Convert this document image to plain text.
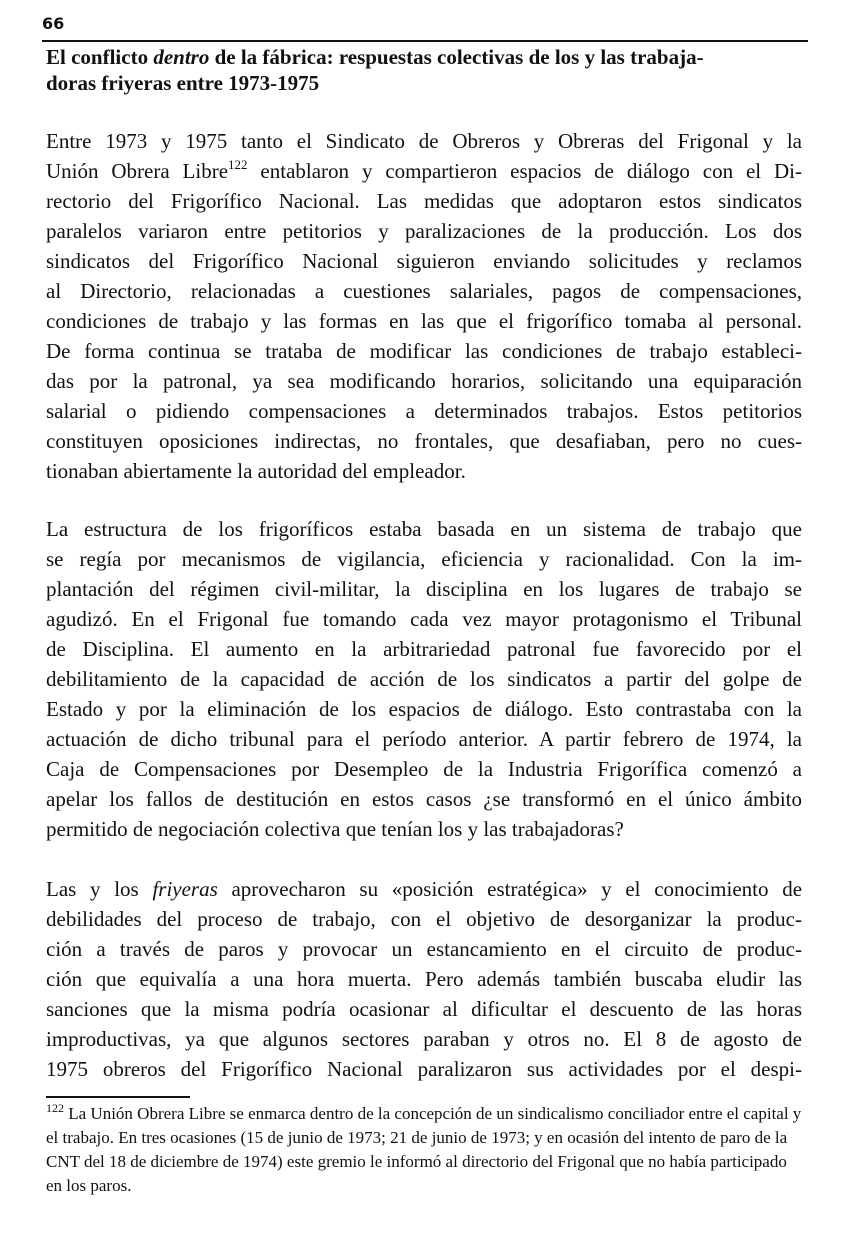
66
El conflicto dentro de la fábrica: respuestas colectivas de los y las trabaja-
doras friyeras entre 1973-1975

Entre 1973 y 1975 tanto el Sindicato de Obreros y Obreras del Frigonal y la
Unión Obrera Libre$^{122}$ entablaron y compartieron espacios de diálogo con el Di-
rectorio del Frigorífico Nacional. Las medidas que adoptaron estos sindicatos
paralelos variaron entre petitorios y paralizaciones de la producción. Los dos
sindicatos del Frigorífico Nacional siguieron enviando solicitudes y reclamos
al Directorio, relacionadas a cuestiones salariales, pagos de compensaciones,
condiciones de trabajo y las formas en las que el frigorífico tomaba al personal.
De forma continua se trataba de modificar las condiciones de trabajo estableci-
das por la patronal, ya sea modificando horarios, solicitando una equiparación
salarial o pidiendo compensaciones a determinados trabajos. Estos petitorios
constituyen oposiciones indirectas, no frontales, que desafiaban, pero no cues-
tionaban abiertamente la autoridad del empleador.

La estructura de los frigoríficos estaba basada en un sistema de trabajo que
se regía por mecanismos de vigilancia, eficiencia y racionalidad. Con la im-
plantación del régimen civil-militar, la disciplina en los lugares de trabajo se
agudizó. En el Frigonal fue tomando cada vez mayor protagonismo el Tribunal
de Disciplina. El aumento en la arbitrariedad patronal fue favorecido por el
debilitamiento de la capacidad de acción de los sindicatos a partir del golpe de
Estado y por la eliminación de los espacios de diálogo. Esto contrastaba con la
actuación de dicho tribunal para el período anterior. A partir febrero de 1974, la
Caja de Compensaciones por Desempleo de la Industria Frigorífica comenzó a
apelar los fallos de destitución en estos casos ¿se transformó en el único ámbito
permitido de negociación colectiva que tenían los y las trabajadoras?

Las y los friyeras aprovecharon su «posición estratégica» y el conocimiento de
debilidades del proceso de trabajo, con el objetivo de desorganizar la produc-
ción a través de paros y provocar un estancamiento en el circuito de produc-
ción que equivalía a una hora muerta. Pero además también buscaba eludir las
sanciones que la misma podría ocasionar al dificultar el descuento de las horas
improductivas, ya que algunos sectores paraban y otros no. El 8 de agosto de
1975 obreros del Frigorífico Nacional paralizaron sus actividades por el despi-

$^{122}$ La Unión Obrera Libre se enmarca dentro de la concepción de un sindicalismo conciliador entre el capital y el trabajo. En tres ocasiones (15 de junio de 1973; 21 de junio de 1973; y en ocasión del intento de paro de la CNT del 18 de diciembre de 1974) este gremio le informó al directorio del Frigonal que no había participado en los paros.
